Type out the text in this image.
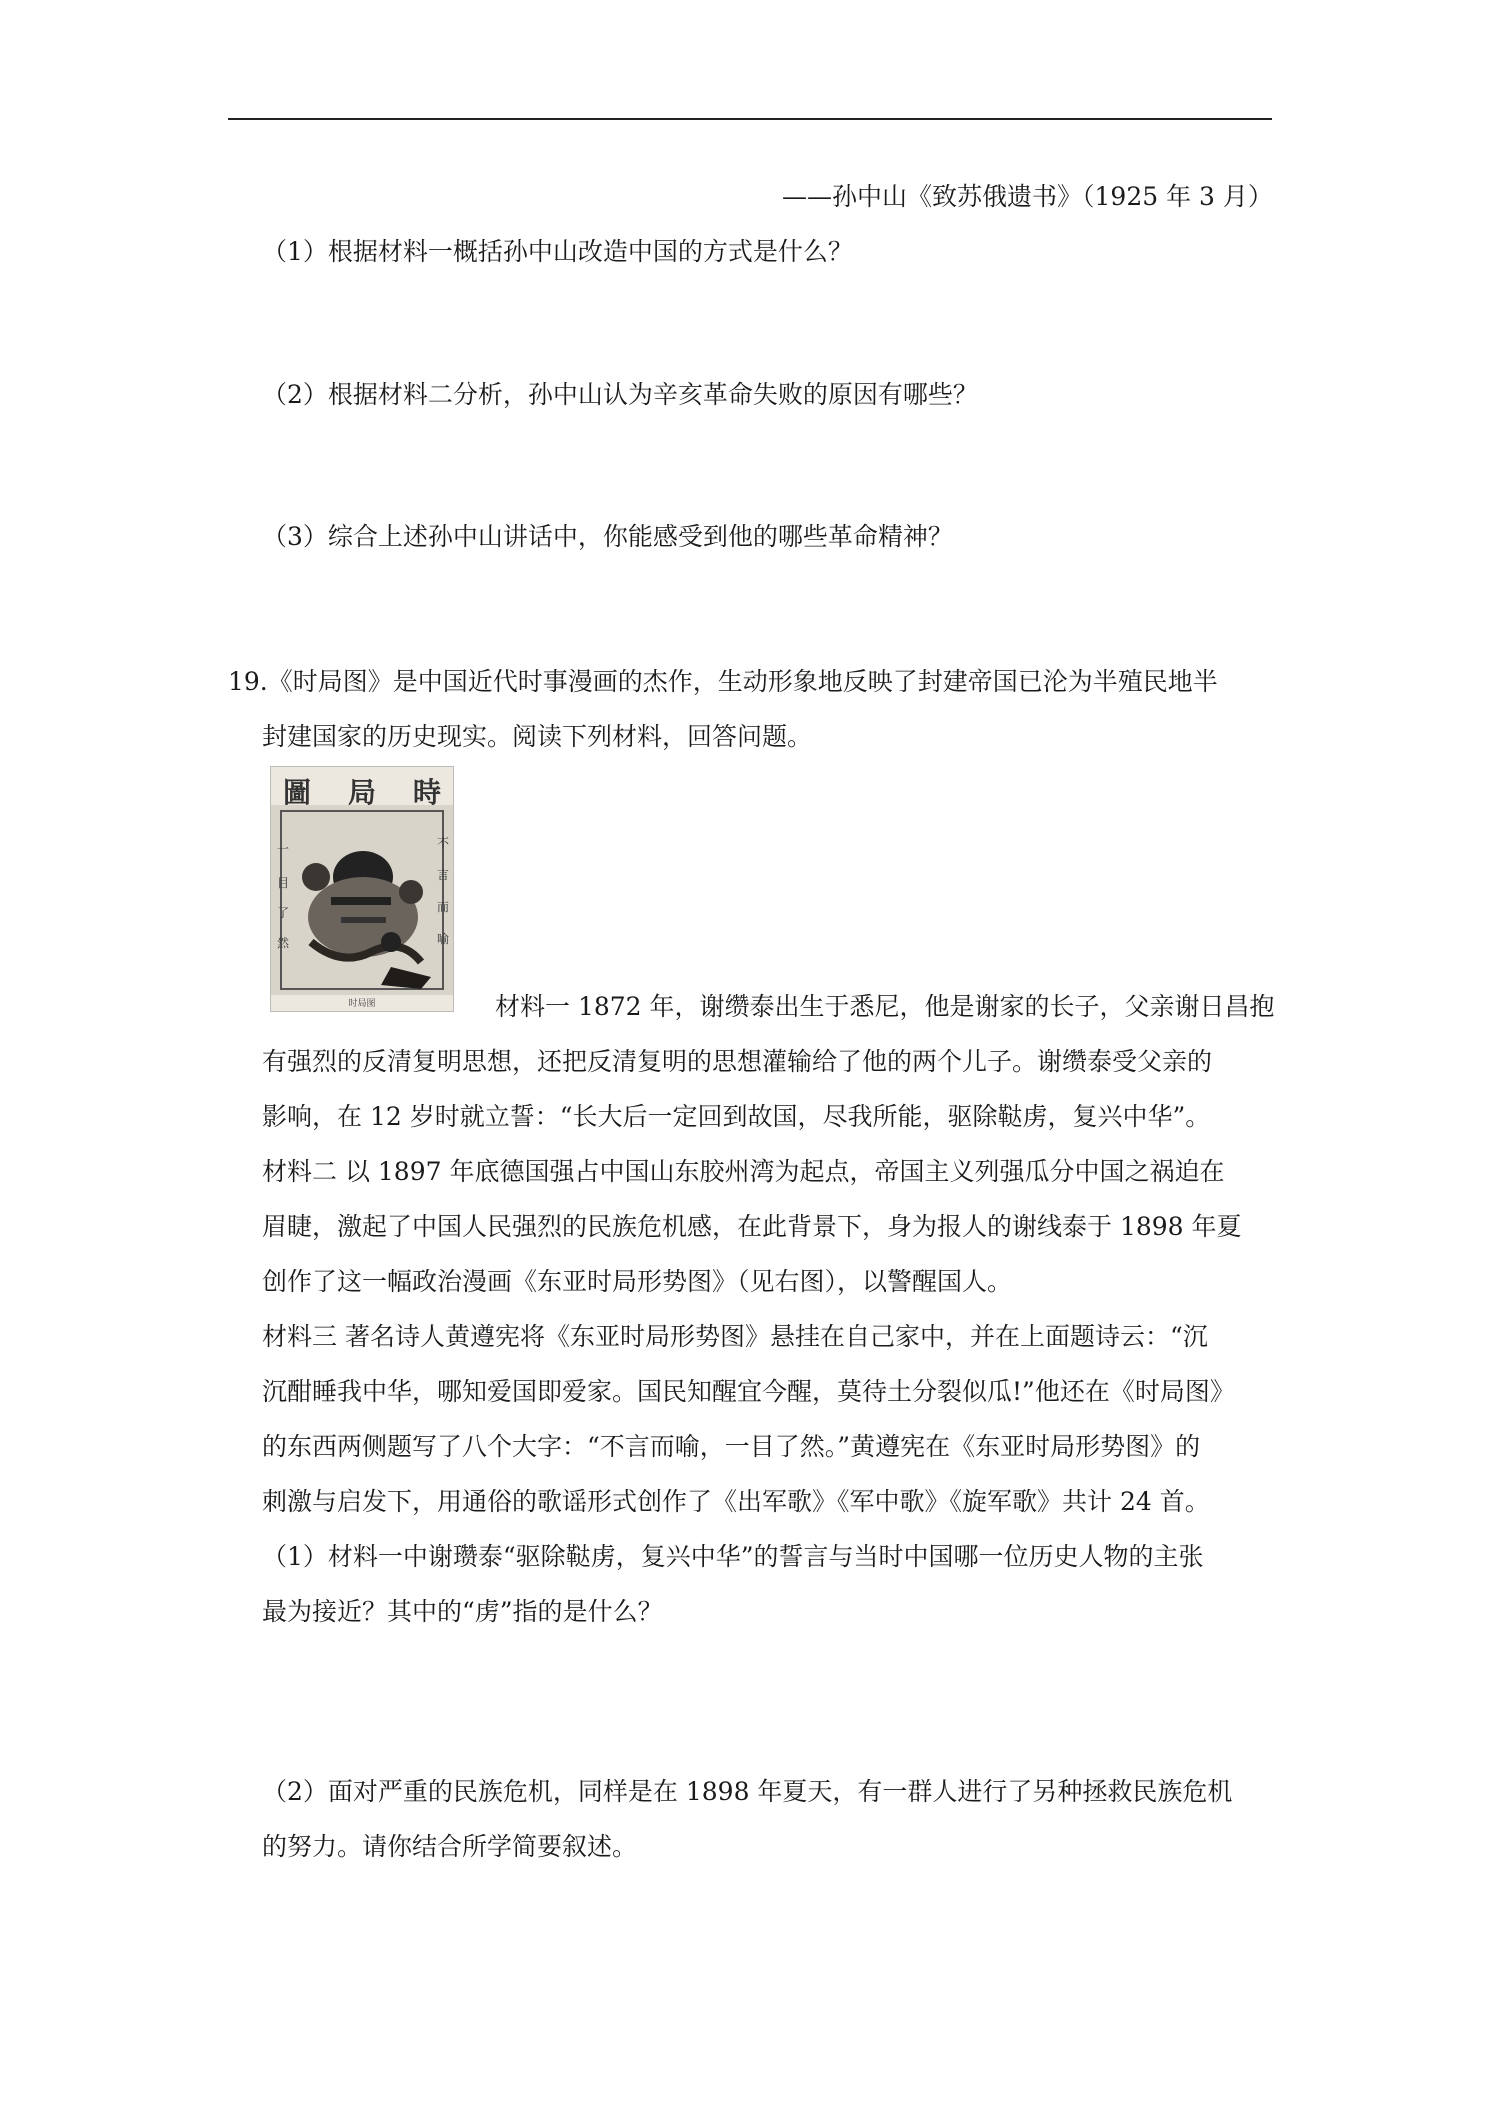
——孙中山《致苏俄遗书》（1925 年 3 月）
（1）根据材料一概括孙中山改造中国的方式是什么？
（2）根据材料二分析，孙中山认为辛亥革命失败的原因有哪些？
（3）综合上述孙中山讲话中，你能感受到他的哪些革命精神？
19.《时局图》是中国近代时事漫画的杰作，生动形象地反映了封建帝国已沦为半殖民地半
封建国家的历史现实。阅读下列材料，回答问题。
一
目
了
然
不
言
而
喻
圖 局 時
时局图	材料一 1872 年，谢缵泰出生于悉尼，他是谢家的长子，父亲谢日昌抱
有强烈的反清复明思想，还把反清复明的思想灌输给了他的两个儿子。谢缵泰受父亲的
影响，在 12 岁时就立誓：“长大后一定回到故国，尽我所能，驱除鞑虏，复兴中华”。
材料二 以 1897 年底德国强占中国山东胶州湾为起点，帝国主义列强瓜分中国之祸迫在
眉睫，激起了中国人民强烈的民族危机感，在此背景下，身为报人的谢线泰于 1898 年夏
创作了这一幅政治漫画《东亚时局形势图》（见右图），以警醒国人。
材料三 著名诗人黄遵宪将《东亚时局形势图》悬挂在自己家中，并在上面题诗云：“沉
沉酣睡我中华，哪知爱国即爱家。国民知醒宜今醒，莫待土分裂似瓜!”他还在《时局图》
的东西两侧题写了八个大字：“不言而喻，一目了然。”黄遵宪在《东亚时局形势图》的
刺激与启发下，用通俗的歌谣形式创作了《出军歌》《军中歌》《旋军歌》共计 24 首。
（1）材料一中谢瓒泰“驱除鞑虏，复兴中华”的誓言与当时中国哪一位历史人物的主张
最为接近？其中的“虏”指的是什么？
（2）面对严重的民族危机，同样是在 1898 年夏天，有一群人进行了另种拯救民族危机
的努力。请你结合所学简要叙述。
